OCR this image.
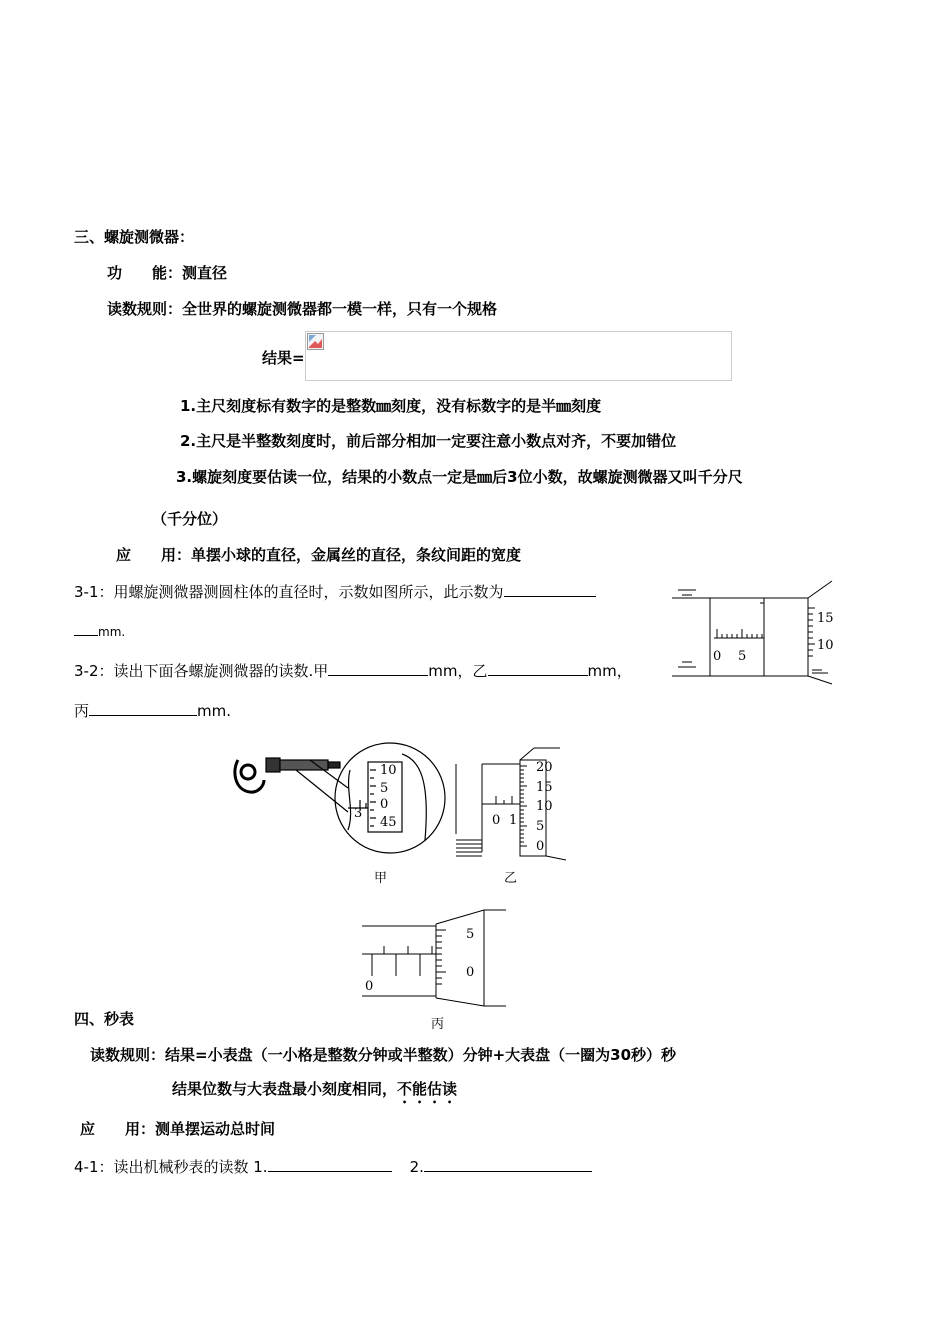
三、螺旋测微器：
功　　能：测直径
读数规则：全世界的螺旋测微器都一模一样，只有一个规格
结果=
1.主尺刻度标有数字的是整数㎜刻度，没有标数字的是半㎜刻度
2.主尺是半整数刻度时，前后部分相加一定要注意小数点对齐，不要加错位
3.螺旋刻度要估读一位，结果的小数点一定是㎜后3位小数，故螺旋测微器又叫千分尺
（千分位）
应　　用：单摆小球的直径，金属丝的直径，条纹间距的宽度
3-1：用螺旋测微器测圆柱体的直径时，示数如图所示，此示数为
mm.
15
10
0 5
3-2：读出下面各螺旋测微器的读数.甲	mm，乙	mm，
丙	mm.
10
5
0
45
3
甲
20
15
10
5
0
0 1
乙
5
0
0
丙
四、秒表
读数规则：结果=小表盘（一小格是整数分钟或半整数）分钟+大表盘（一圈为30秒）秒
结果位数与大表盘最小刻度相同，不能估读
应　　用：测单摆运动总时间
4-1：读出机械秒表的读数 1.	2.
